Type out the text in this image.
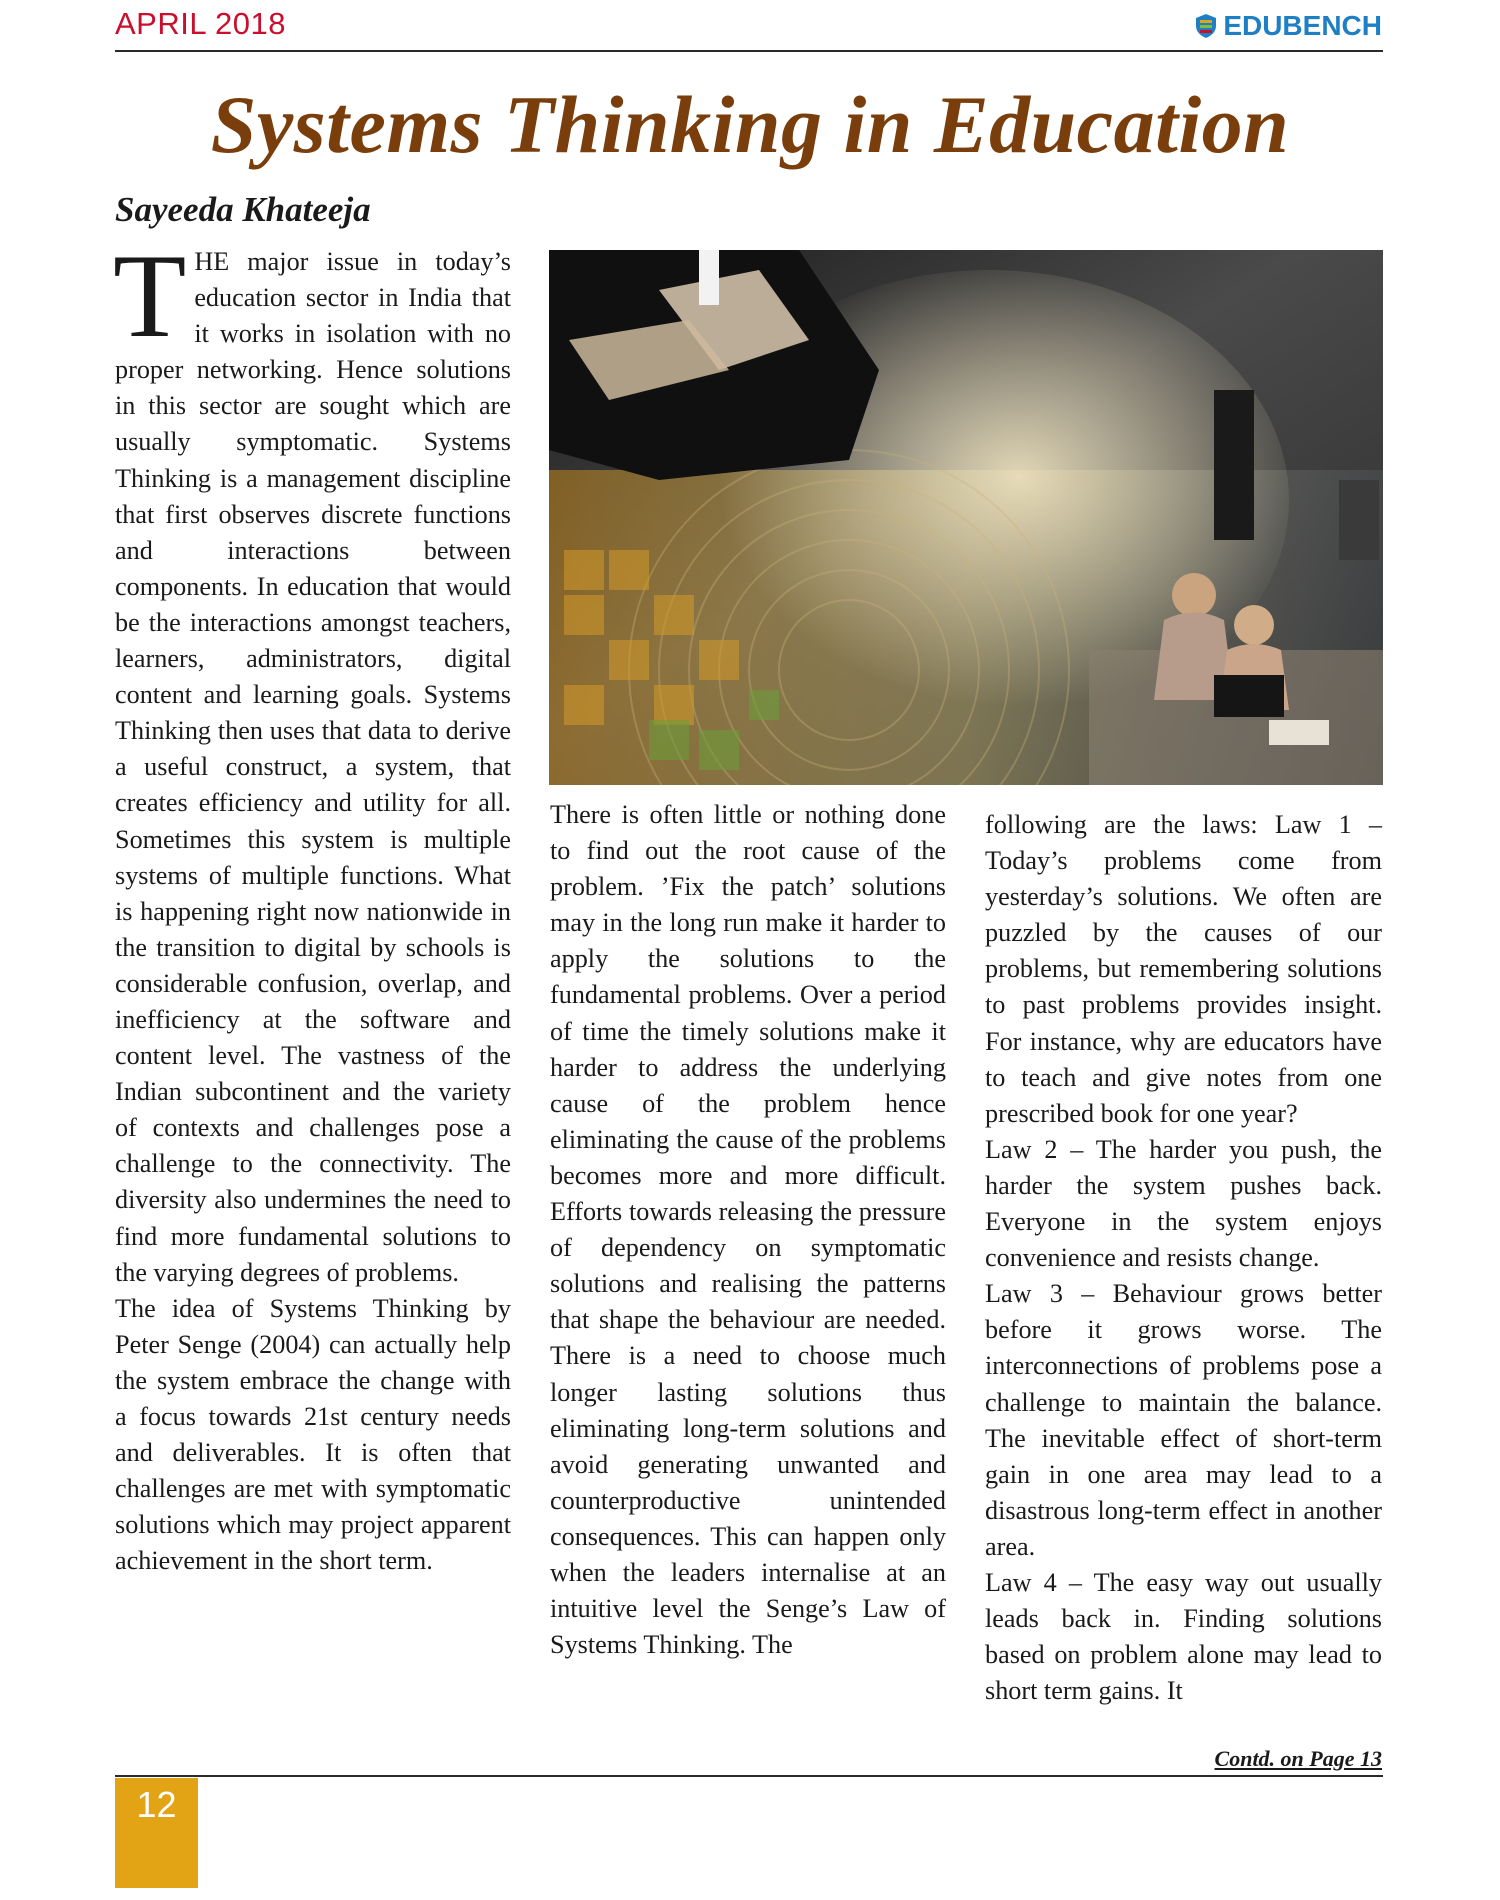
APRIL 2018	EDUBENCH
Systems Thinking in Education
Sayeeda Khateeja

THE major issue in today’s education sector in India that it works in isolation with no proper networking. Hence solutions in this sector are sought which are usually symptomatic. Systems Thinking is a management discipline that first observes discrete functions and interactions between components. In education that would be the interactions amongst teachers, learners, administrators, digital content and learning goals. Systems Thinking then uses that data to derive a useful construct, a system, that creates efficiency and utility for all. Sometimes this system is multiple systems of multiple functions. What is happening right now nationwide in the transition to digital by schools is considerable confusion, overlap, and inefficiency at the software and content level. The vastness of the Indian subcontinent and the variety of contexts and challenges pose a challenge to the connectivity. The diversity also undermines the need to find more fundamental solutions to the varying degrees of problems.

The idea of Systems Thinking by Peter Senge (2004) can actually help the system embrace the change with a focus towards 21st century needs and deliverables. It is often that challenges are met with symptomatic solutions which may project apparent achievement in the short term.

There is often little or nothing done to find out the root cause of the problem. ’Fix the patch’ solutions may in the long run make it harder to apply the solutions to the fundamental problems. Over a period of time the timely solutions make it harder to address the underlying cause of the problem hence eliminating the cause of the problems becomes more and more difficult. Efforts towards releasing the pressure of dependency on symptomatic solutions and realising the patterns that shape the behaviour are needed. There is a need to choose much longer lasting solutions thus eliminating long-term solutions and avoid generating unwanted and counterproductive unintended consequences. This can happen only when the leaders internalise at an intuitive level the Senge’s Law of Systems Thinking. The

following are the laws: Law 1 – Today’s problems come from yesterday’s solutions. We often are puzzled by the causes of our problems, but remembering solutions to past problems provides insight. For instance, why are educators have to teach and give notes from one prescribed book for one year?

Law 2 – The harder you push, the harder the system pushes back. Everyone in the system enjoys convenience and resists change.

Law 3 – Behaviour grows better before it grows worse. The interconnections of problems pose a challenge to maintain the balance. The inevitable effect of short-term gain in one area may lead to a disastrous long-term effect in another area.

Law 4 – The easy way out usually leads back in. Finding solutions based on problem alone may lead to short term gains. It

Contd. on Page 13
12
